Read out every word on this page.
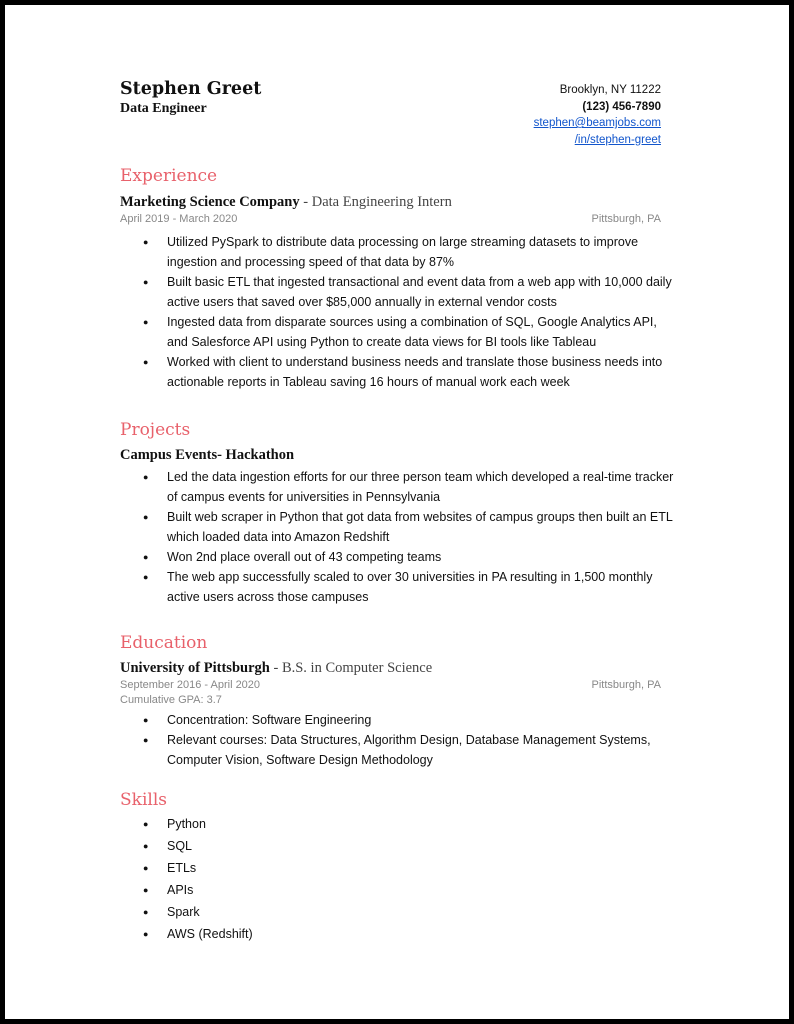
Stephen Greet
Data Engineer
Brooklyn, NY 11222
(123) 456-7890
stephen@beamjobs.com
/in/stephen-greet
Experience
Marketing Science Company - Data Engineering Intern
April 2019 - March 2020	Pittsburgh, PA
● Utilized PySpark to distribute data processing on large streaming datasets to improve ingestion and processing speed of that data by 87%
● Built basic ETL that ingested transactional and event data from a web app with 10,000 daily active users that saved over $85,000 annually in external vendor costs
● Ingested data from disparate sources using a combination of SQL, Google Analytics API, and Salesforce API using Python to create data views for BI tools like Tableau
● Worked with client to understand business needs and translate those business needs into actionable reports in Tableau saving 16 hours of manual work each week
Projects
Campus Events- Hackathon
● Led the data ingestion efforts for our three person team which developed a real-time tracker of campus events for universities in Pennsylvania
● Built web scraper in Python that got data from websites of campus groups then built an ETL which loaded data into Amazon Redshift
● Won 2nd place overall out of 43 competing teams
● The web app successfully scaled to over 30 universities in PA resulting in 1,500 monthly active users across those campuses
Education
University of Pittsburgh - B.S. in Computer Science
September 2016 - April 2020	Pittsburgh, PA
Cumulative GPA: 3.7
● Concentration: Software Engineering
● Relevant courses: Data Structures, Algorithm Design, Database Management Systems, Computer Vision, Software Design Methodology
Skills
● Python
● SQL
● ETLs
● APIs
● Spark
● AWS (Redshift)
